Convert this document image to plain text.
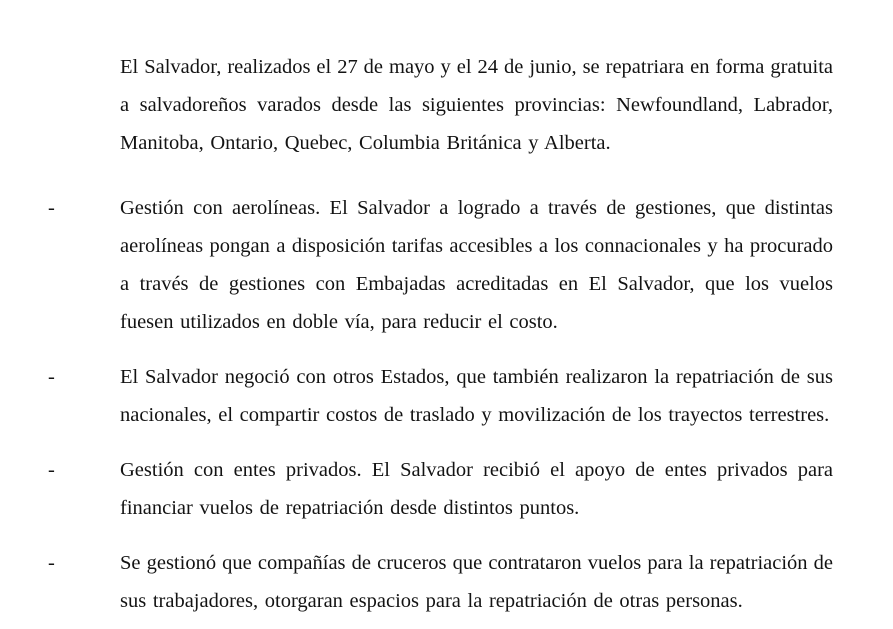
El Salvador, realizados el 27 de mayo y el 24 de junio, se repatriara en forma gratuita
a salvadoreños varados desde las siguientes provincias: Newfoundland, Labrador,
Manitoba, Ontario, Quebec, Columbia Británica y Alberta.
-	Gestión con aerolíneas. El Salvador a logrado a través de gestiones, que distintas
aerolíneas pongan a disposición tarifas accesibles a los connacionales y ha procurado
a través de gestiones con Embajadas acreditadas en El Salvador, que los vuelos
fuesen utilizados en doble vía, para reducir el costo.
-	El Salvador negoció con otros Estados, que también realizaron la repatriación de sus
nacionales, el compartir costos de traslado y movilización de los trayectos terrestres.
-	Gestión con entes privados. El Salvador recibió el apoyo de entes privados para
financiar vuelos de repatriación desde distintos puntos.
-	Se gestionó que compañías de cruceros que contrataron vuelos para la repatriación de
sus trabajadores, otorgaran espacios para la repatriación de otras personas.
